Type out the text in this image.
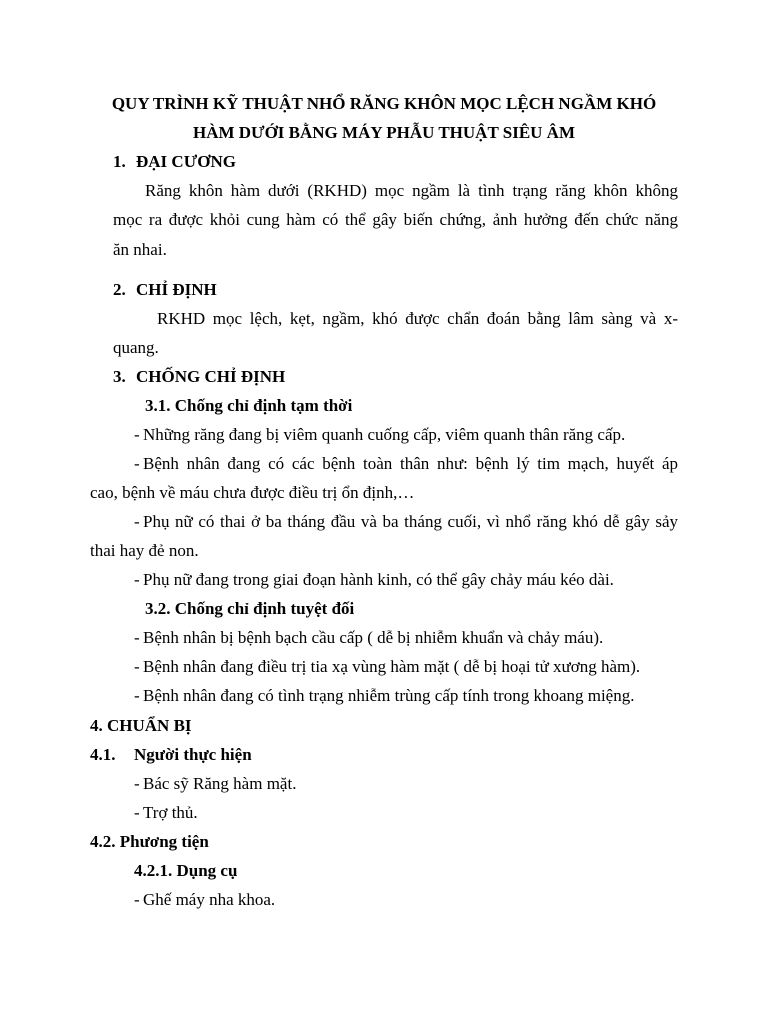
QUY TRÌNH KỸ THUẬT NHỔ RĂNG KHÔN MỌC LỆCH NGẦM KHÓ
HÀM DƯỚI BẰNG MÁY PHẪU THUẬT SIÊU ÂM
1. ĐẠI CƯƠNG
Răng khôn hàm dưới (RKHD) mọc ngầm là tình trạng răng khôn không
mọc ra được khỏi cung hàm có thể gây biến chứng, ảnh hưởng đến chức năng
ăn nhai.
2. CHỈ ĐỊNH
RKHD mọc lệch, kẹt, ngầm, khó được chẩn đoán bằng lâm sàng và x-
quang.
3. CHỐNG CHỈ ĐỊNH
3.1. Chống chỉ định tạm thời
- Những răng đang bị viêm quanh cuống cấp, viêm quanh thân răng cấp.
- Bệnh nhân đang có các bệnh toàn thân như: bệnh lý tim mạch, huyết áp
cao, bệnh về máu chưa được điều trị ổn định,…
- Phụ nữ có thai ở ba tháng đầu và ba tháng cuối, vì nhổ răng khó dễ gây sảy
thai hay đẻ non.
- Phụ nữ đang trong giai đoạn hành kinh, có thể gây chảy máu kéo dài.
3.2. Chống chỉ định tuyệt đối
- Bệnh nhân bị bệnh bạch cầu cấp ( dễ bị nhiễm khuẩn và chảy máu).
- Bệnh nhân đang điều trị tia xạ vùng hàm mặt ( dễ bị hoại tử xương hàm).
- Bệnh nhân đang có tình trạng nhiễm trùng cấp tính trong khoang miệng.
4. CHUẨN BỊ
4.1. Người thực hiện
- Bác sỹ Răng hàm mặt.
- Trợ thủ.
4.2. Phương tiện
4.2.1. Dụng cụ
- Ghế máy nha khoa.
